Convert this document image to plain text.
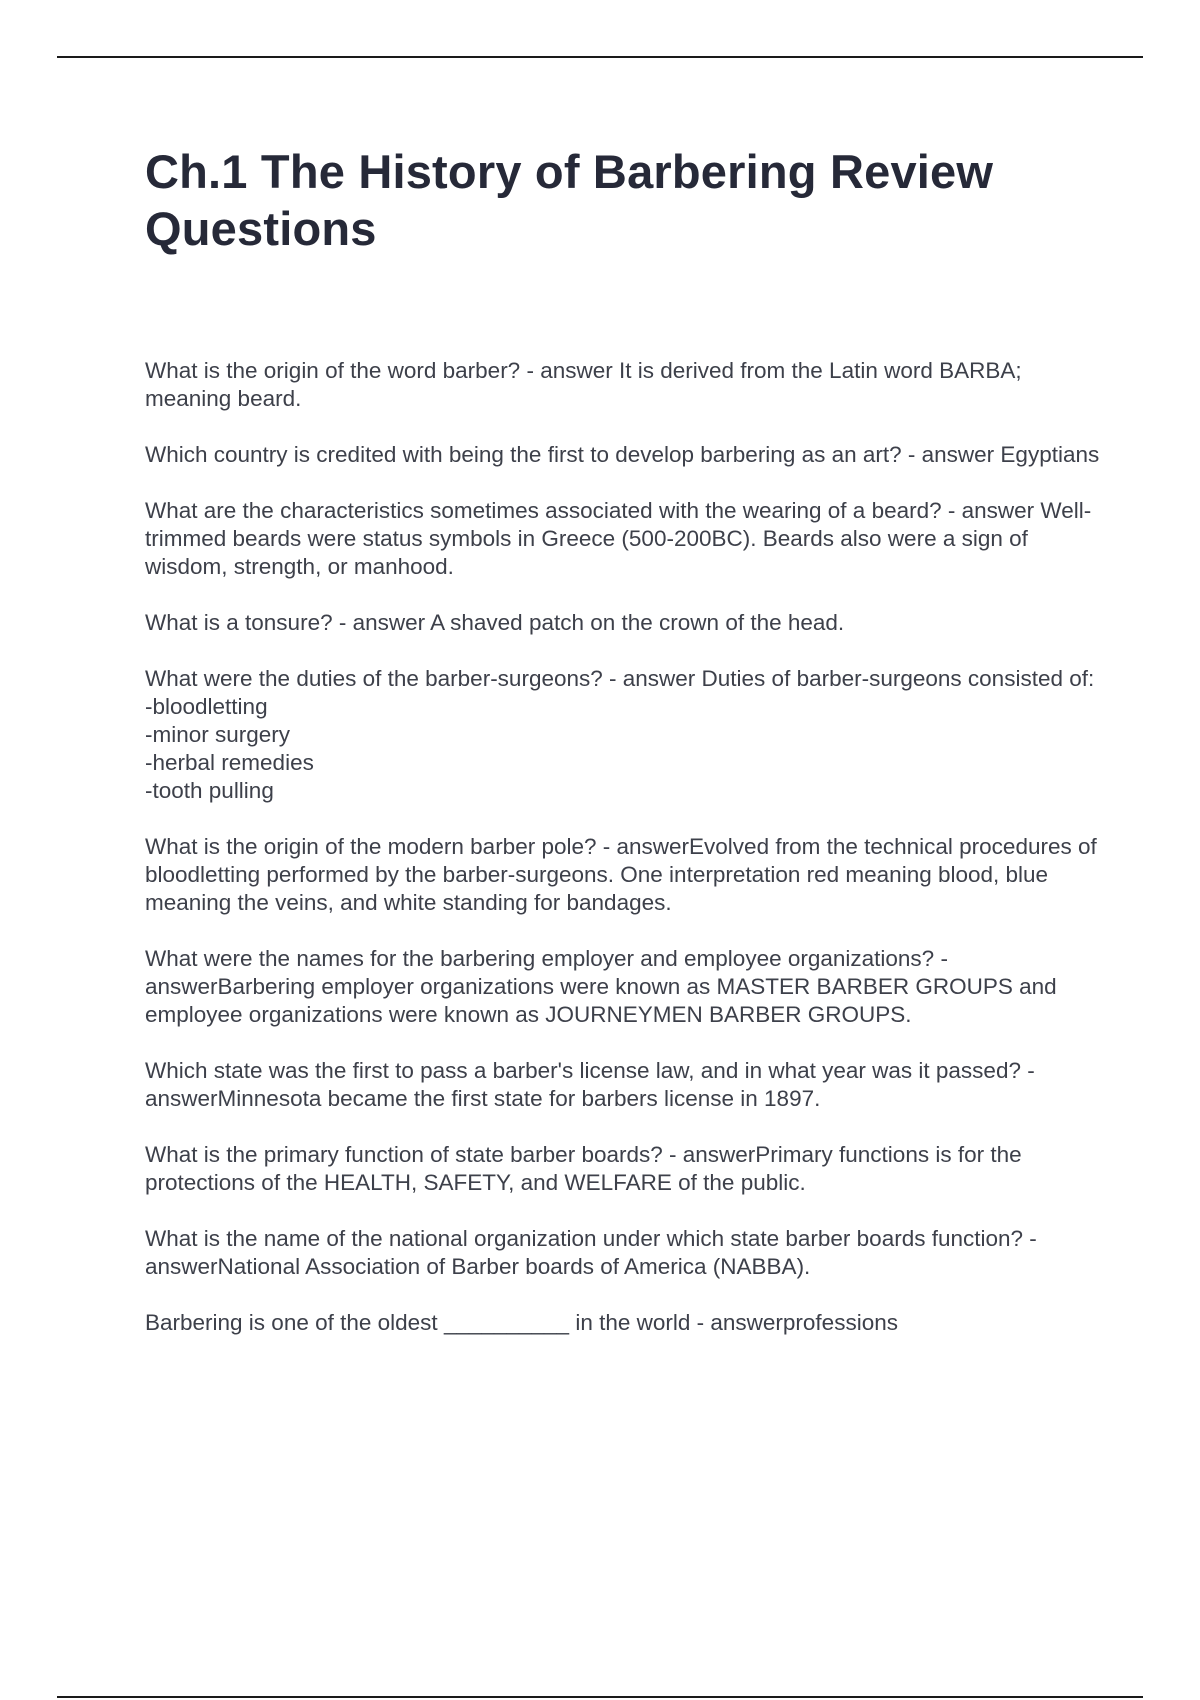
Ch.1 The History of Barbering Review Questions

What is the origin of the word barber? - answer It is derived from the Latin word BARBA; meaning beard.

Which country is credited with being the first to develop barbering as an art? - answer Egyptians

What are the characteristics sometimes associated with the wearing of a beard? - answer Well-trimmed beards were status symbols in Greece (500-200BC). Beards also were a sign of wisdom, strength, or manhood.

What is a tonsure? - answer A shaved patch on the crown of the head.

What were the duties of the barber-surgeons? - answer Duties of barber-surgeons consisted of:
-bloodletting
-minor surgery
-herbal remedies
-tooth pulling

What is the origin of the modern barber pole? - answerEvolved from the technical procedures of bloodletting performed by the barber-surgeons. One interpretation red meaning blood, blue meaning the veins, and white standing for bandages.

What were the names for the barbering employer and employee organizations? - answerBarbering employer organizations were known as MASTER BARBER GROUPS and employee organizations were known as JOURNEYMEN BARBER GROUPS.

Which state was the first to pass a barber's license law, and in what year was it passed? - answerMinnesota became the first state for barbers license in 1897.

What is the primary function of state barber boards? - answerPrimary functions is for the protections of the HEALTH, SAFETY, and WELFARE of the public.

What is the name of the national organization under which state barber boards function? - answerNational Association of Barber boards of America (NABBA).

Barbering is one of the oldest __________ in the world - answerprofessions
